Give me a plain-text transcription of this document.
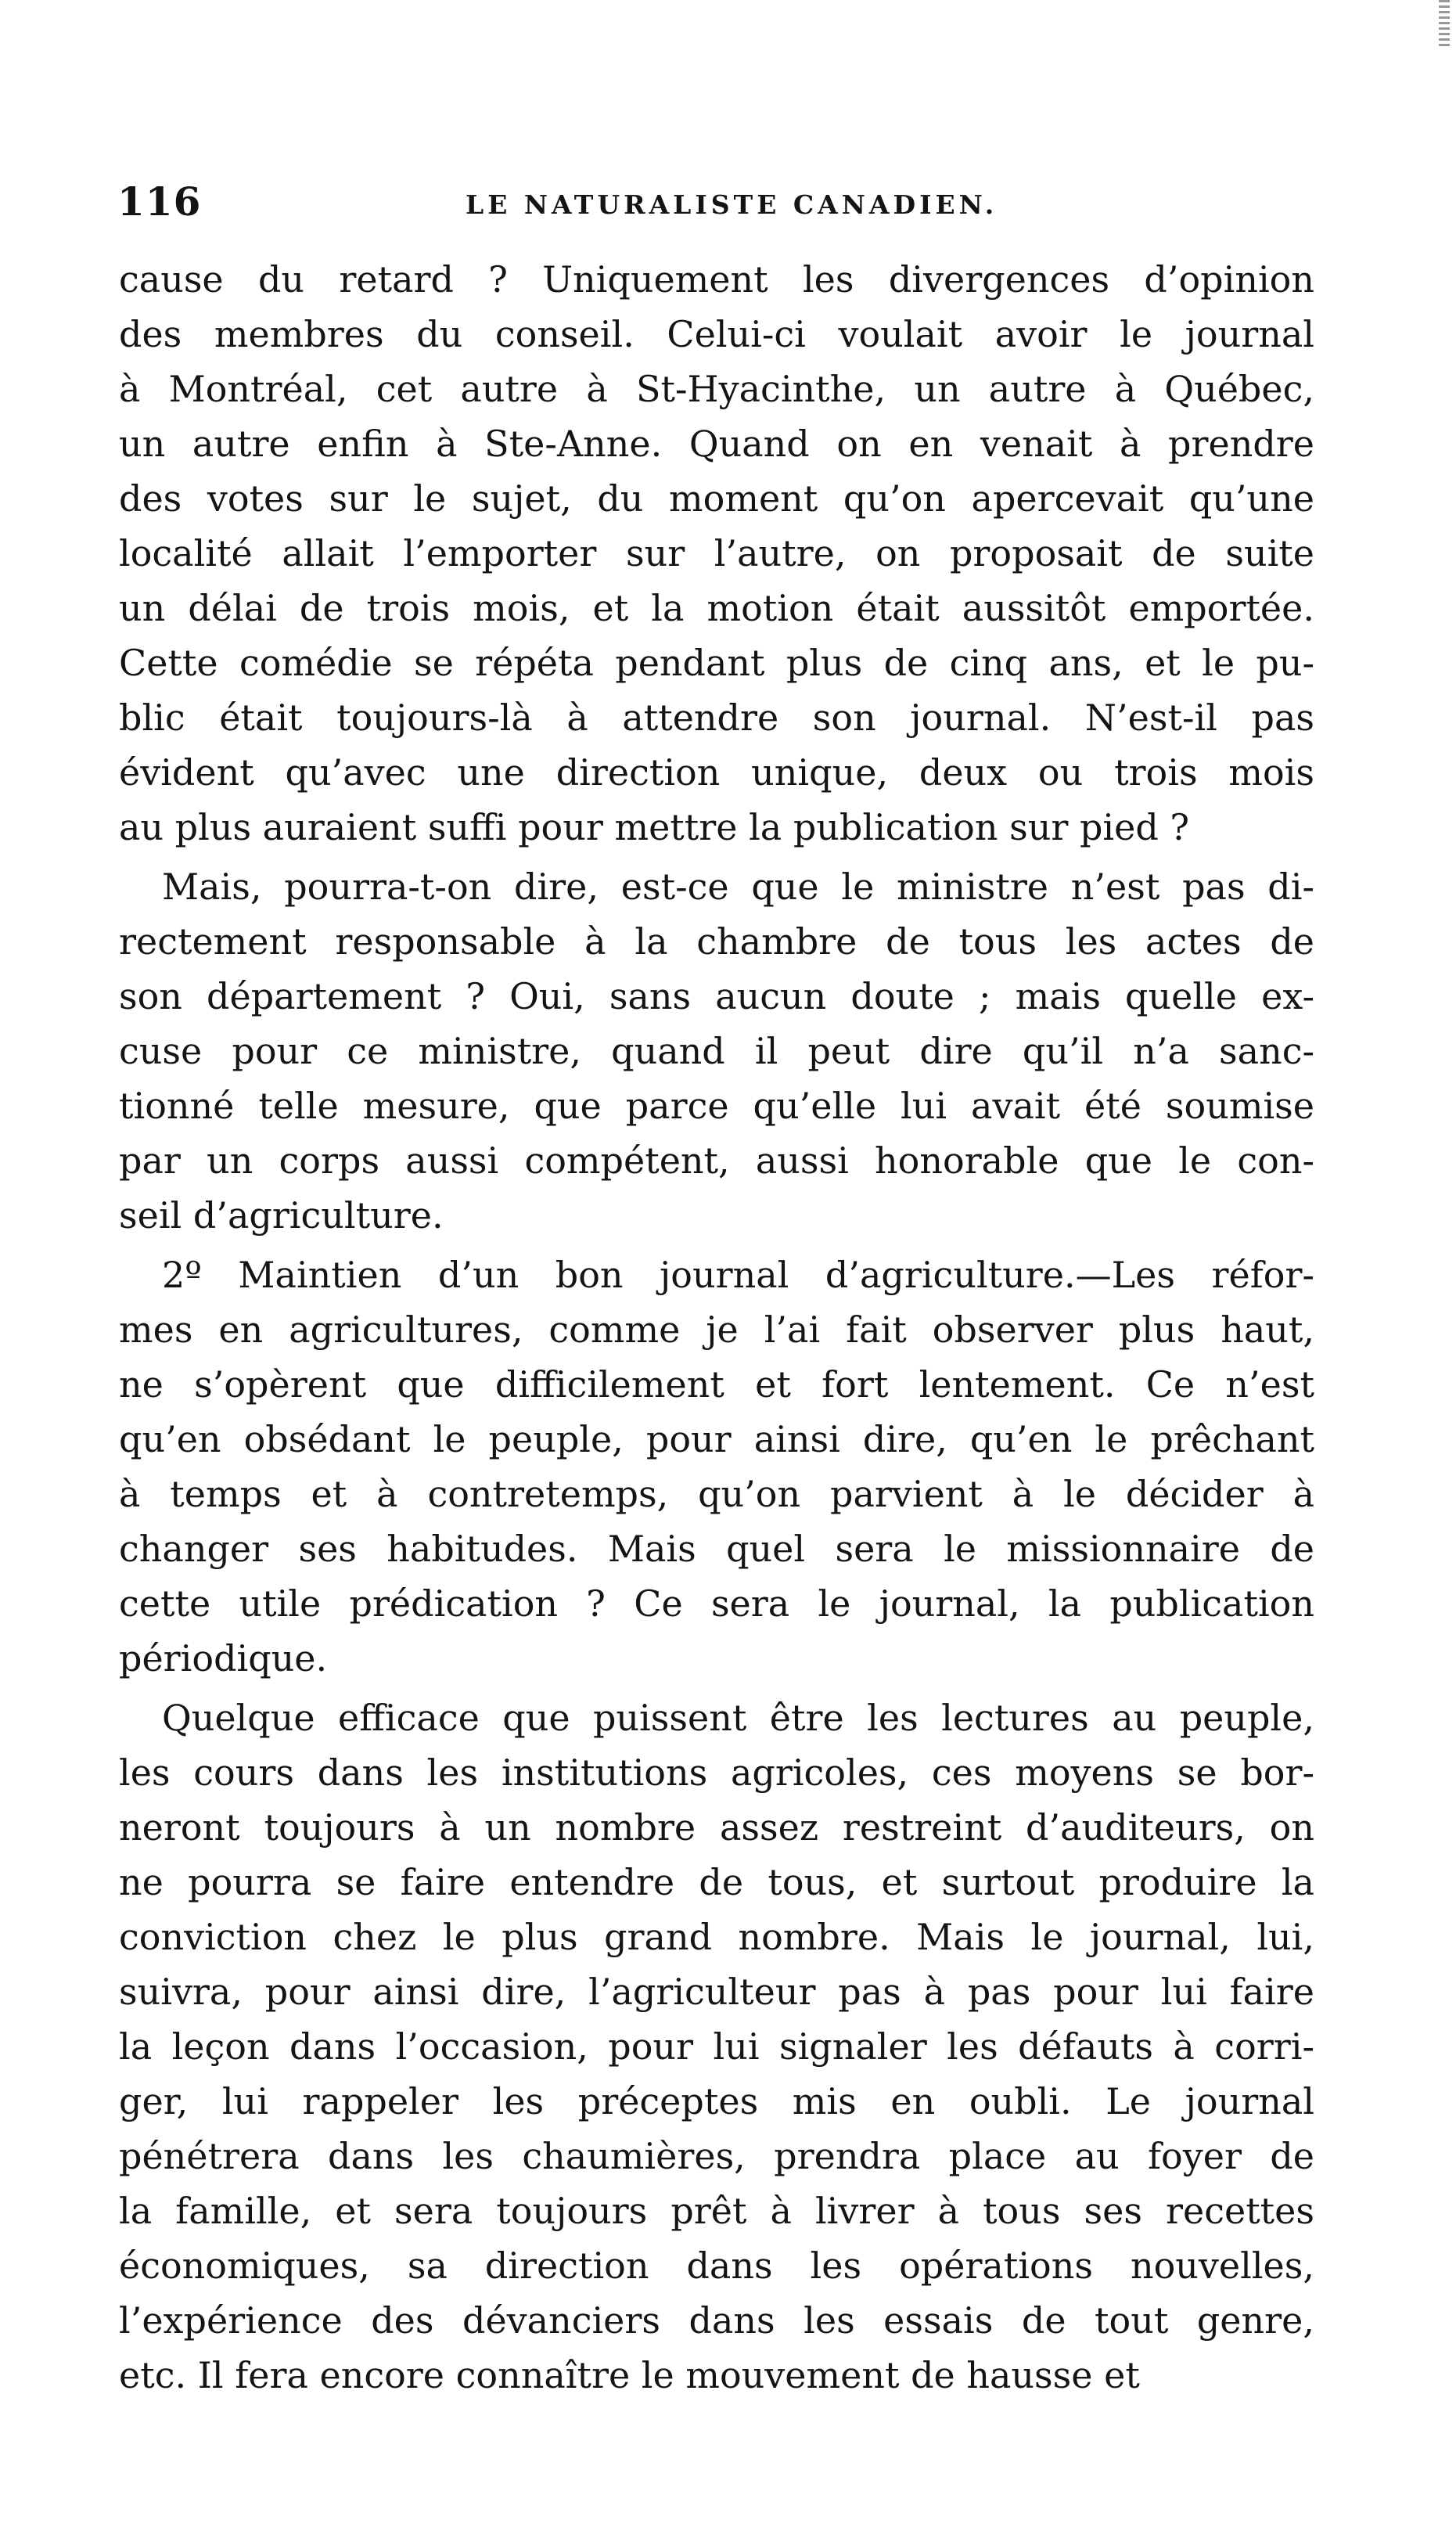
116	LE NATURALISTE CANADIEN.
cause du retard ? Uniquement les divergences d’opinion
des membres du conseil. Celui-ci voulait avoir le journal
à Montréal, cet autre à St-Hyacinthe, un autre à Québec,
un autre enfin à Ste-Anne. Quand on en venait à prendre
des votes sur le sujet, du moment qu’on apercevait qu’une
localité allait l’emporter sur l’autre, on proposait de suite
un délai de trois mois, et la motion était aussitôt emportée.
Cette comédie se répéta pendant plus de cinq ans, et le pu-
blic était toujours-là à attendre son journal. N’est-il pas
évident qu’avec une direction unique, deux ou trois mois
au plus auraient suffi pour mettre la publication sur pied ?
Mais, pourra-t-on dire, est-ce que le ministre n’est pas di-
rectement responsable à la chambre de tous les actes de
son département ? Oui, sans aucun doute ; mais quelle ex-
cuse pour ce ministre, quand il peut dire qu’il n’a sanc-
tionné telle mesure, que parce qu’elle lui avait été soumise
par un corps aussi compétent, aussi honorable que le con-
seil d’agriculture.
2º Maintien d’un bon journal d’agriculture.—Les réfor-
mes en agricultures, comme je l’ai fait observer plus haut,
ne s’opèrent que difficilement et fort lentement. Ce n’est
qu’en obsédant le peuple, pour ainsi dire, qu’en le prêchant
à temps et à contretemps, qu’on parvient à le décider à
changer ses habitudes. Mais quel sera le missionnaire de
cette utile prédication ? Ce sera le journal, la publication
périodique.
Quelque efficace que puissent être les lectures au peuple,
les cours dans les institutions agricoles, ces moyens se bor-
neront toujours à un nombre assez restreint d’auditeurs, on
ne pourra se faire entendre de tous, et surtout produire la
conviction chez le plus grand nombre. Mais le journal, lui,
suivra, pour ainsi dire, l’agriculteur pas à pas pour lui faire
la leçon dans l’occasion, pour lui signaler les défauts à corri-
ger, lui rappeler les préceptes mis en oubli. Le journal
pénétrera dans les chaumières, prendra place au foyer de
la famille, et sera toujours prêt à livrer à tous ses recettes
économiques, sa direction dans les opérations nouvelles,
l’expérience des dévanciers dans les essais de tout genre,
etc. Il fera encore connaître le mouvement de hausse et
